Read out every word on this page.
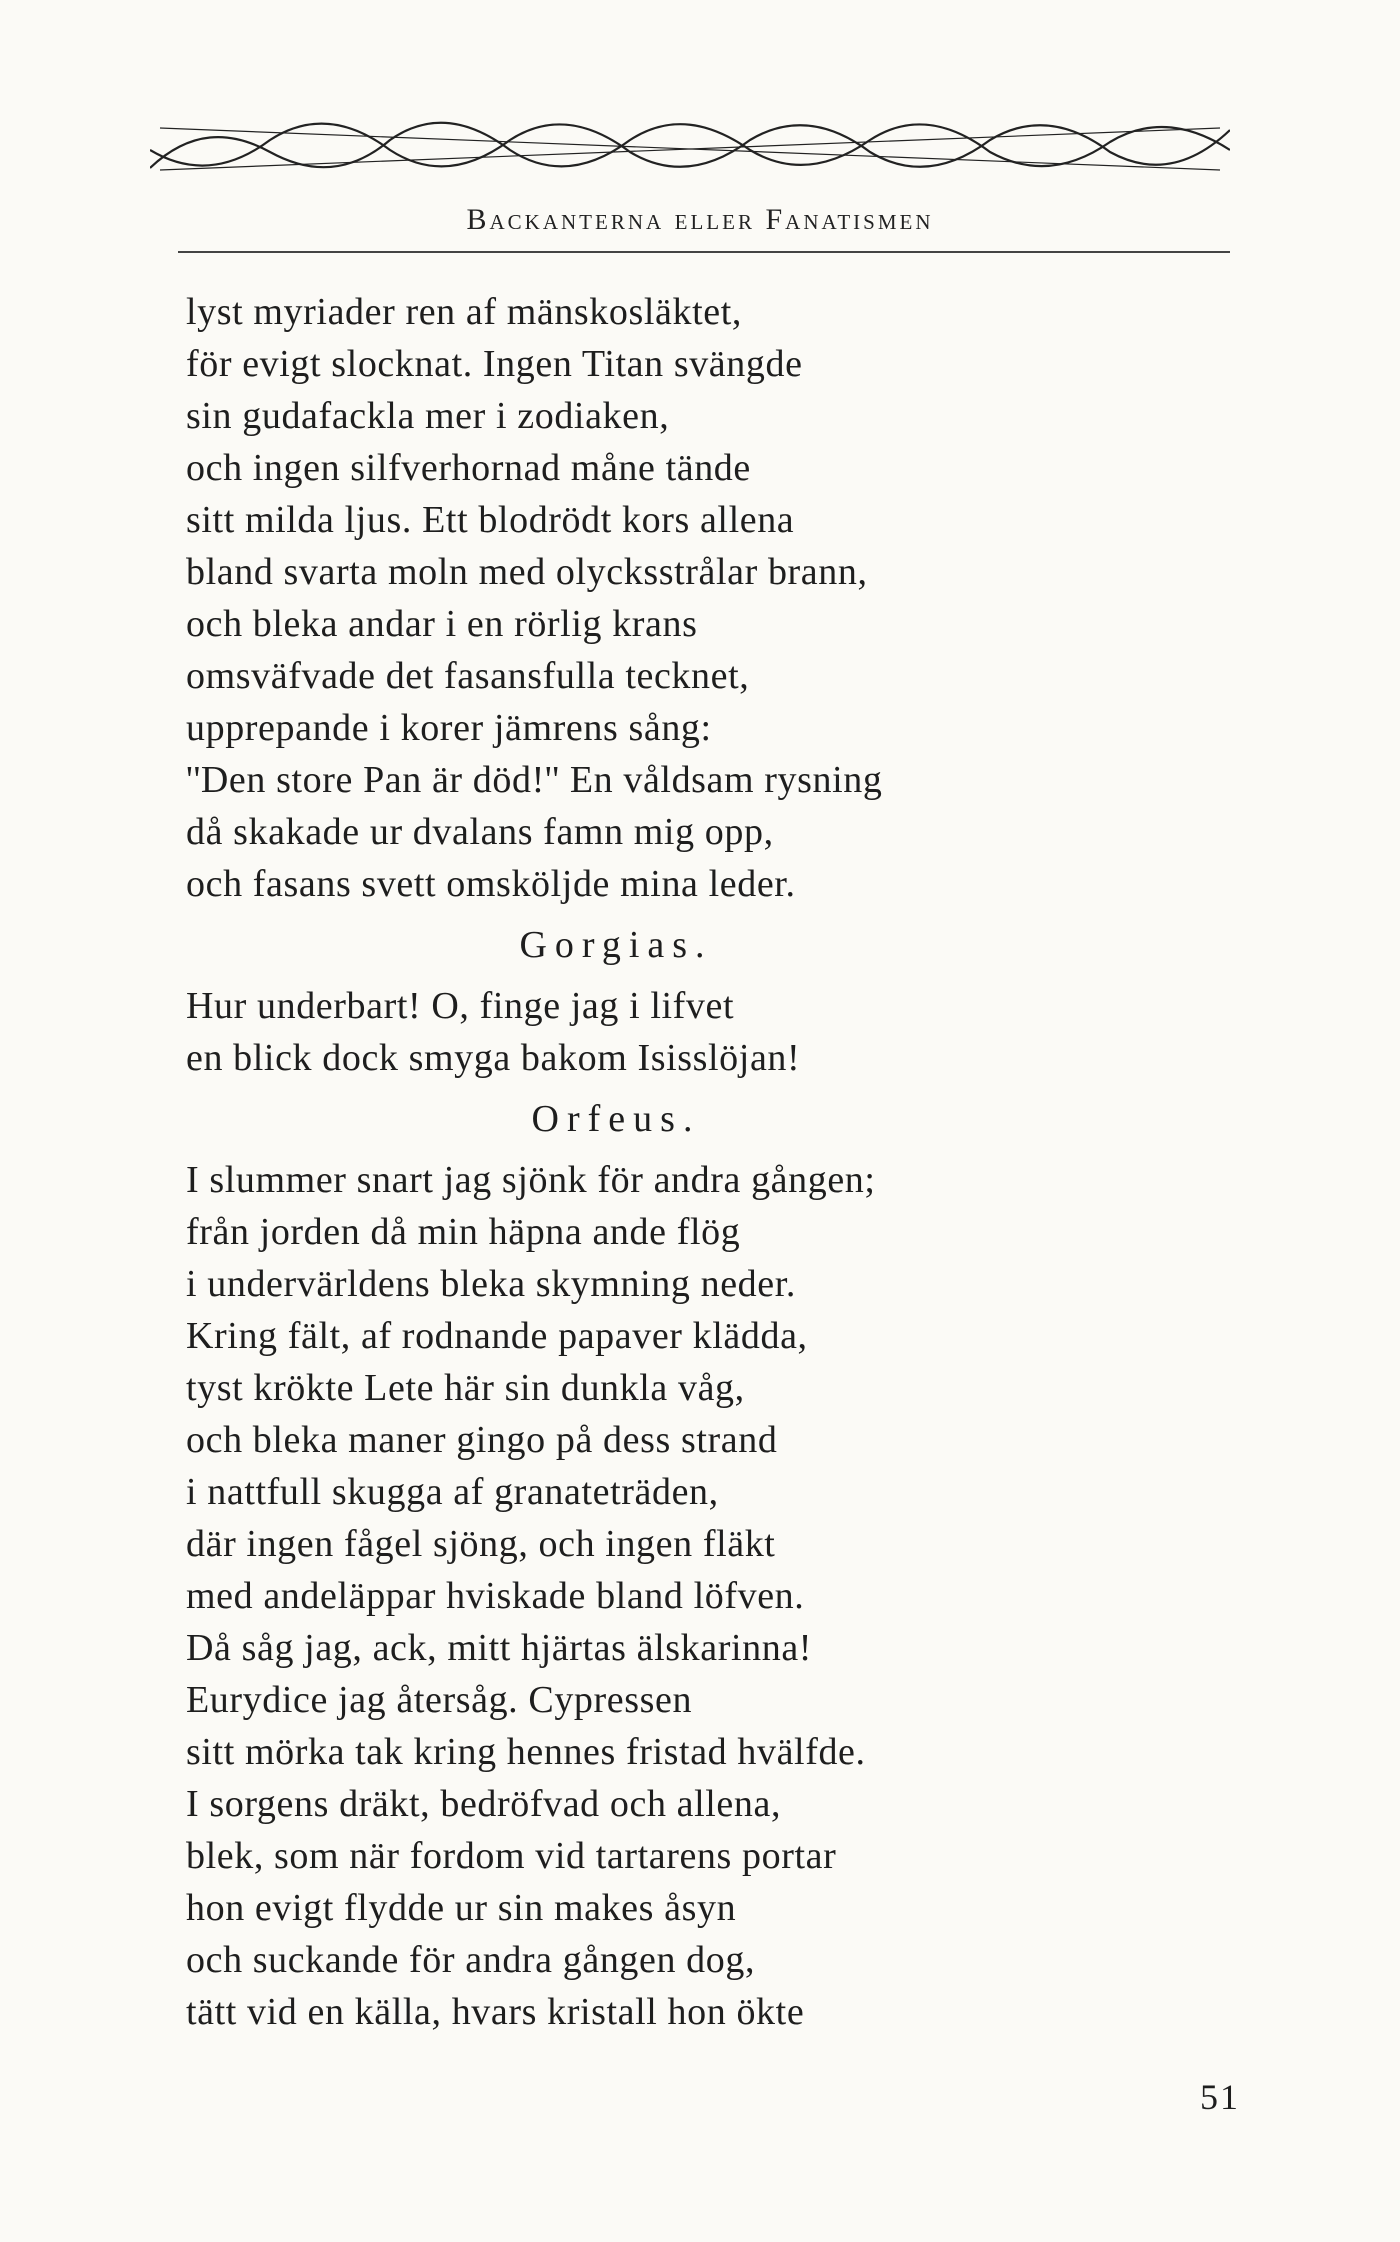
Backanterna eller Fanatismen
lyst myriader ren af mänskosläktet,
för evigt slocknat. Ingen Titan svängde
sin gudafackla mer i zodiaken,
och ingen silfverhornad måne tände
sitt milda ljus. Ett blodrödt kors allena
bland svarta moln med olycksstrålar brann,
och bleka andar i en rörlig krans
omsväfvade det fasansfulla tecknet,
upprepande i korer jämrens sång:
''Den store Pan är död!'' En våldsam rysning
då skakade ur dvalans famn mig opp,
och fasans svett omsköljde mina leder.
Gorgias.
Hur underbart! O, finge jag i lifvet
en blick dock smyga bakom Isisslöjan!
Orfeus.
I slummer snart jag sjönk för andra gången;
från jorden då min häpna ande flög
i undervärldens bleka skymning neder.
Kring fält, af rodnande papaver klädda,
tyst krökte Lete här sin dunkla våg,
och bleka maner gingo på dess strand
i nattfull skugga af granateträden,
där ingen fågel sjöng, och ingen fläkt
med andeläppar hviskade bland löfven.
Då såg jag, ack, mitt hjärtas älskarinna!
Eurydice jag återsåg. Cypressen
sitt mörka tak kring hennes fristad hvälfde.
I sorgens dräkt, bedröfvad och allena,
blek, som när fordom vid tartarens portar
hon evigt flydde ur sin makes åsyn
och suckande för andra gången dog,
tätt vid en källa, hvars kristall hon ökte
51
